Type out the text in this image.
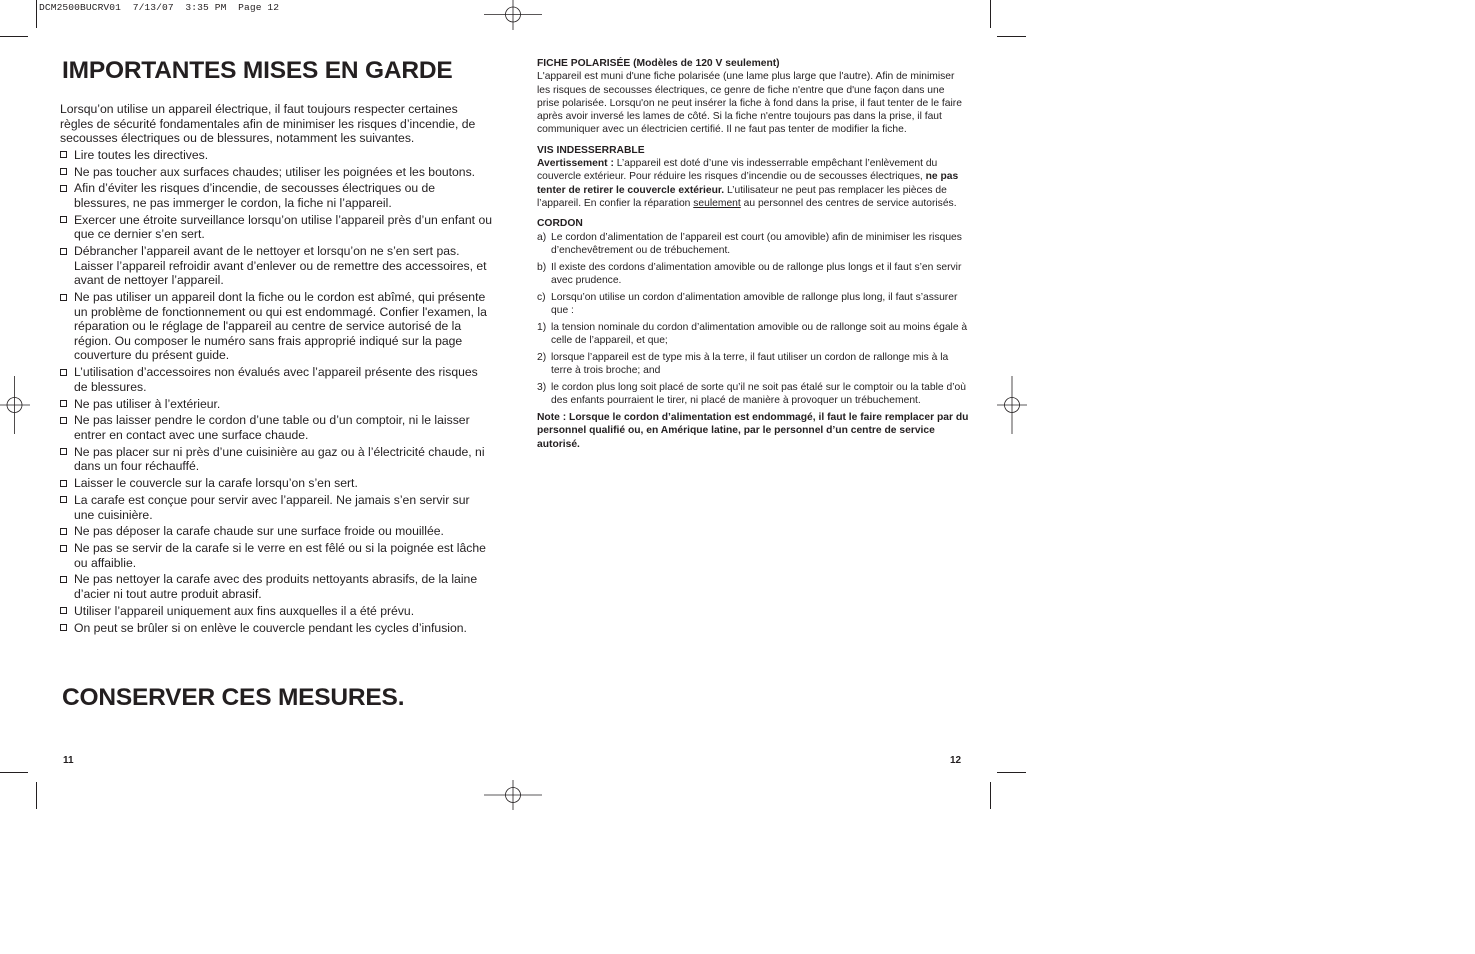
DCM2500BUCRV01  7/13/07  3:35 PM  Page 12
IMPORTANTES MISES EN GARDE

Lorsqu’on utilise un appareil électrique, il faut toujours respecter certaines règles de sécurité fondamentales afin de minimiser les risques d’incendie, de secousses électriques ou de blessures, notamment les suivantes.

Lire toutes les directives.
Ne pas toucher aux surfaces chaudes; utiliser les poignées et les boutons.
Afin d’éviter les risques d’incendie, de secousses électriques ou de blessures, ne pas immerger le cordon, la fiche ni l’appareil.
Exercer une étroite surveillance lorsqu’on utilise l’appareil près d’un enfant ou que ce dernier s’en sert.
Débrancher l’appareil avant de le nettoyer et lorsqu’on ne s’en sert pas. Laisser l’appareil refroidir avant d’enlever ou de remettre des accessoires, et avant de nettoyer l’appareil.
Ne pas utiliser un appareil dont la fiche ou le cordon est abîmé, qui présente un problème de fonctionnement ou qui est endommagé. Confier l'examen, la réparation ou le réglage de l'appareil au centre de service autorisé de la région. Ou composer le numéro sans frais approprié indiqué sur la page couverture du présent guide.
L’utilisation d’accessoires non évalués avec l’appareil présente des risques de blessures.
Ne pas utiliser à l’extérieur.
Ne pas laisser pendre le cordon d’une table ou d’un comptoir, ni le laisser entrer en contact avec une surface chaude.
Ne pas placer sur ni près d’une cuisinière au gaz ou à l’électricité chaude, ni dans un four réchauffé.
Laisser le couvercle sur la carafe lorsqu’on s’en sert.
La carafe est conçue pour servir avec l’appareil. Ne jamais s’en servir sur une cuisinière.
Ne pas déposer la carafe chaude sur une surface froide ou mouillée.
Ne pas se servir de la carafe si le verre en est fêlé ou si la poignée est lâche ou affaiblie.
Ne pas nettoyer la carafe avec des produits nettoyants abrasifs, de la laine d’acier ni tout autre produit abrasif.
Utiliser l’appareil uniquement aux fins auxquelles il a été prévu.
On peut se brûler si on enlève le couvercle pendant les cycles d’infusion.
CONSERVER CES MESURES.
11
FICHE POLARISÉE (Modèles de 120 V seulement)

L'appareil est muni d'une fiche polarisée (une lame plus large que l'autre). Afin de minimiser les risques de secousses électriques, ce genre de fiche n'entre que d'une façon dans une prise polarisée. Lorsqu'on ne peut insérer la fiche à fond dans la prise, il faut tenter de le faire après avoir inversé les lames de côté. Si la fiche n'entre toujours pas dans la prise, il faut communiquer avec un électricien certifié. Il ne faut pas tenter de modifier la fiche.

VIS INDESSERRABLE

Avertissement : L’appareil est doté d’une vis indesserrable empêchant l’enlèvement du couvercle extérieur. Pour réduire les risques d’incendie ou de secousses électriques, ne pas tenter de retirer le couvercle extérieur. L’utilisateur ne peut pas remplacer les pièces de l’appareil. En confier la réparation seulement au personnel des centres de service autorisés.

CORDON
a) Le cordon d’alimentation de l’appareil est court (ou amovible) afin de minimiser les risques d’enchevêtrement ou de trébuchement.
b) Il existe des cordons d’alimentation amovible ou de rallonge plus longs et il faut s’en servir avec prudence.
c) Lorsqu’on utilise un cordon d’alimentation amovible de rallonge plus long, il faut s’assurer que :
1) la tension nominale du cordon d’alimentation amovible ou de rallonge soit au moins égale à celle de l’appareil, et que;
2) lorsque l’appareil est de type mis à la terre, il faut utiliser un cordon de rallonge mis à la terre à trois broche; and
3) le cordon plus long soit placé de sorte qu’il ne soit pas étalé sur le comptoir ou la table d’où des enfants pourraient le tirer, ni placé de manière à provoquer un trébuchement.

Note : Lorsque le cordon d’alimentation est endommagé, il faut le faire remplacer par du personnel qualifié ou, en Amérique latine, par le personnel d’un centre de service autorisé.

12
